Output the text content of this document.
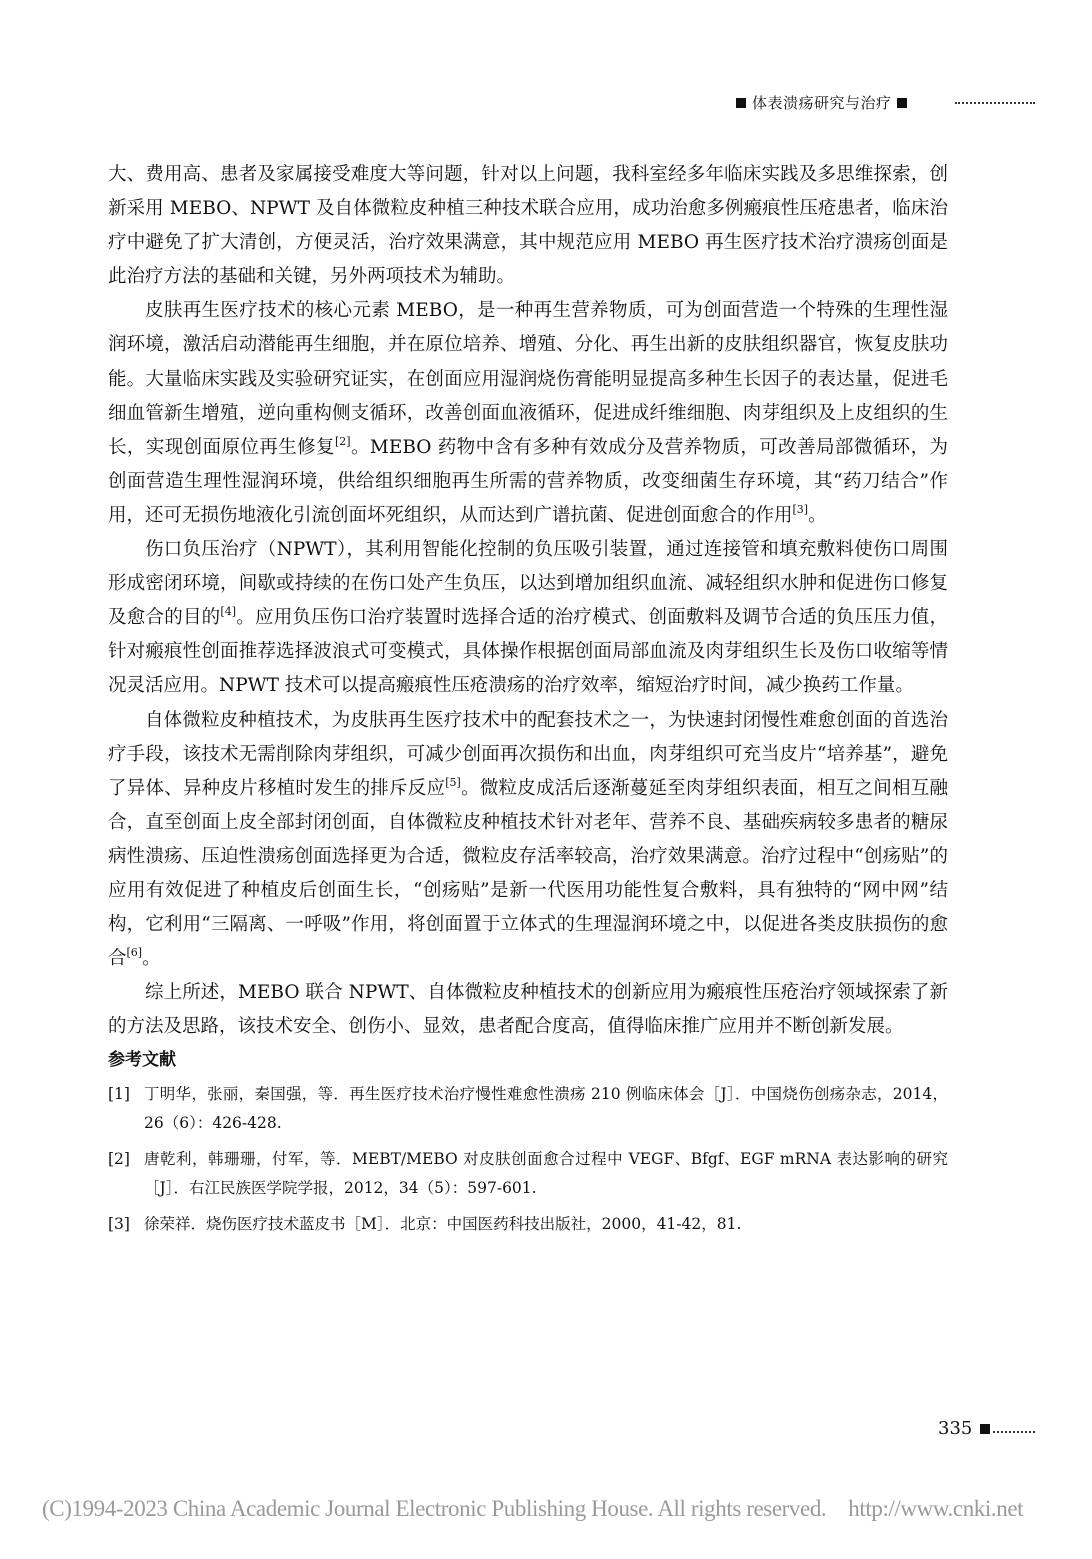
体表溃疡研究与治疗

大、费用高、患者及家属接受难度大等问题，针对以上问题，我科室经多年临床实践及多思维探索，创新采用 MEBO、NPWT 及自体微粒皮种植三种技术联合应用，成功治愈多例瘢痕性压疮患者，临床治疗中避免了扩大清创，方便灵活，治疗效果满意，其中规范应用 MEBO 再生医疗技术治疗溃疡创面是此治疗方法的基础和关键，另外两项技术为辅助。

皮肤再生医疗技术的核心元素 MEBO，是一种再生营养物质，可为创面营造一个特殊的生理性湿润环境，激活启动潜能再生细胞，并在原位培养、增殖、分化、再生出新的皮肤组织器官，恢复皮肤功能。大量临床实践及实验研究证实，在创面应用湿润烧伤膏能明显提高多种生长因子的表达量，促进毛细血管新生增殖，逆向重构侧支循环，改善创面血液循环，促进成纤维细胞、肉芽组织及上皮组织的生长，实现创面原位再生修复[2]。MEBO 药物中含有多种有效成分及营养物质，可改善局部微循环，为创面营造生理性湿润环境，供给组织细胞再生所需的营养物质，改变细菌生存环境，其“药刀结合”作用，还可无损伤地液化引流创面坏死组织，从而达到广谱抗菌、促进创面愈合的作用[3]。

伤口负压治疗（NPWT），其利用智能化控制的负压吸引装置，通过连接管和填充敷料使伤口周围形成密闭环境，间歇或持续的在伤口处产生负压，以达到增加组织血流、减轻组织水肿和促进伤口修复及愈合的目的[4]。应用负压伤口治疗装置时选择合适的治疗模式、创面敷料及调节合适的负压压力值，针对瘢痕性创面推荐选择波浪式可变模式，具体操作根据创面局部血流及肉芽组织生长及伤口收缩等情况灵活应用。NPWT 技术可以提高瘢痕性压疮溃疡的治疗效率，缩短治疗时间，减少换药工作量。

自体微粒皮种植技术，为皮肤再生医疗技术中的配套技术之一，为快速封闭慢性难愈创面的首选治疗手段，该技术无需削除肉芽组织，可减少创面再次损伤和出血，肉芽组织可充当皮片“培养基”，避免了异体、异种皮片移植时发生的排斥反应[5]。微粒皮成活后逐渐蔓延至肉芽组织表面，相互之间相互融合，直至创面上皮全部封闭创面，自体微粒皮种植技术针对老年、营养不良、基础疾病较多患者的糖尿病性溃疡、压迫性溃疡创面选择更为合适，微粒皮存活率较高，治疗效果满意。治疗过程中“创疡贴”的应用有效促进了种植皮后创面生长，“创疡贴”是新一代医用功能性复合敷料，具有独特的“网中网”结构，它利用“三隔离、一呼吸”作用，将创面置于立体式的生理湿润环境之中，以促进各类皮肤损伤的愈合[6]。

综上所述，MEBO 联合 NPWT、自体微粒皮种植技术的创新应用为瘢痕性压疮治疗领域探索了新的方法及思路，该技术安全、创伤小、显效，患者配合度高，值得临床推广应用并不断创新发展。

参考文献
[1] 丁明华，张丽，秦国强，等．再生医疗技术治疗慢性难愈性溃疡 210 例临床体会［J］．中国烧伤创疡杂志，2014，26（6）：426-428.
[2] 唐乾利，韩珊珊，付军，等．MEBT/MEBO 对皮肤创面愈合过程中 VEGF、Bfgf、EGF mRNA 表达影响的研究［J］．右江民族医学院学报，2012，34（5）：597-601.
[3] 徐荣祥．烧伤医疗技术蓝皮书［M］．北京：中国医药科技出版社，2000，41-42，81.
335
(C)1994-2023 China Academic Journal Electronic Publishing House. All rights reserved. http://www.cnki.net
